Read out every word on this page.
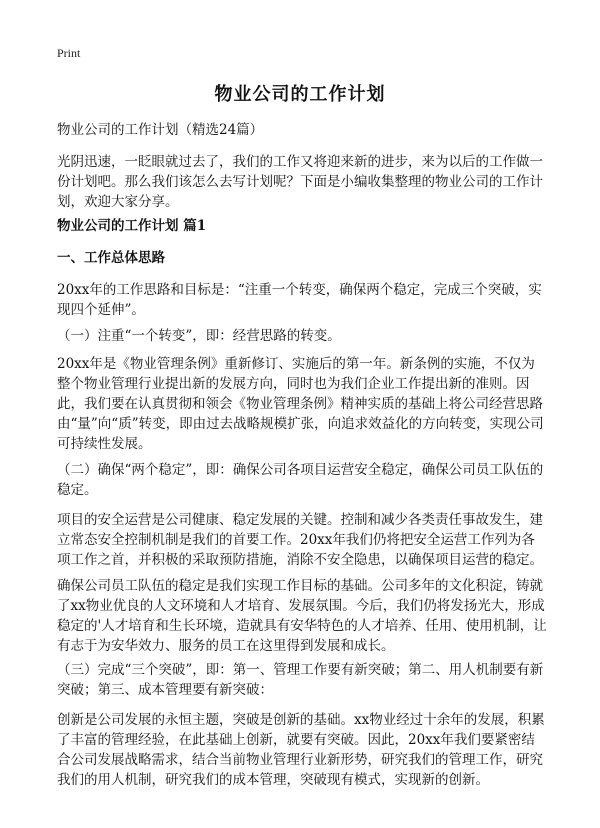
Print
物业公司的工作计划

物业公司的工作计划（精选24篇）

光阴迅速，一眨眼就过去了，我们的工作又将迎来新的进步，来为以后的工作做一份计划吧。那么我们该怎么去写计划呢？下面是小编收集整理的物业公司的工作计划，欢迎大家分享。

物业公司的工作计划 篇1

一、工作总体思路

20xx年的工作思路和目标是：“注重一个转变，确保两个稳定，完成三个突破，实现四个延伸”。

（一）注重“一个转变”，即：经营思路的转变。

20xx年是《物业管理条例》重新修订、实施后的第一年。新条例的实施，不仅为整个物业管理行业提出新的发展方向，同时也为我们企业工作提出新的准则。因此，我们要在认真贯彻和领会《物业管理条例》精神实质的基础上将公司经营思路由“量”向“质”转变，即由过去战略规模扩张，向追求效益化的方向转变，实现公司可持续性发展。

（二）确保“两个稳定”，即：确保公司各项目运营安全稳定，确保公司员工队伍的稳定。

项目的安全运营是公司健康、稳定发展的关键。控制和减少各类责任事故发生，建立常态安全控制机制是我们的首要工作。20xx年我们仍将把安全运营工作列为各项工作之首，并积极的采取预防措施，消除不安全隐患，以确保项目运营的稳定。

确保公司员工队伍的稳定是我们实现工作目标的基础。公司多年的文化积淀，铸就了xx物业优良的人文环境和人才培育、发展氛围。今后，我们仍将发扬光大，形成稳定的'人才培育和生长环境，造就具有安华特色的人才培养、任用、使用机制，让有志于为安华效力、服务的员工在这里得到发展和成长。

（三）完成“三个突破”，即：第一、管理工作要有新突破；第二、用人机制要有新突破；第三、成本管理要有新突破：

创新是公司发展的永恒主题，突破是创新的基础。xx物业经过十余年的发展，积累了丰富的管理经验，在此基础上创新，就要有突破。因此，20xx年我们要紧密结合公司发展战略需求，结合当前物业管理行业新形势，研究我们的管理工作，研究我们的用人机制，研究我们的成本管理，突破现有模式，实现新的创新。
